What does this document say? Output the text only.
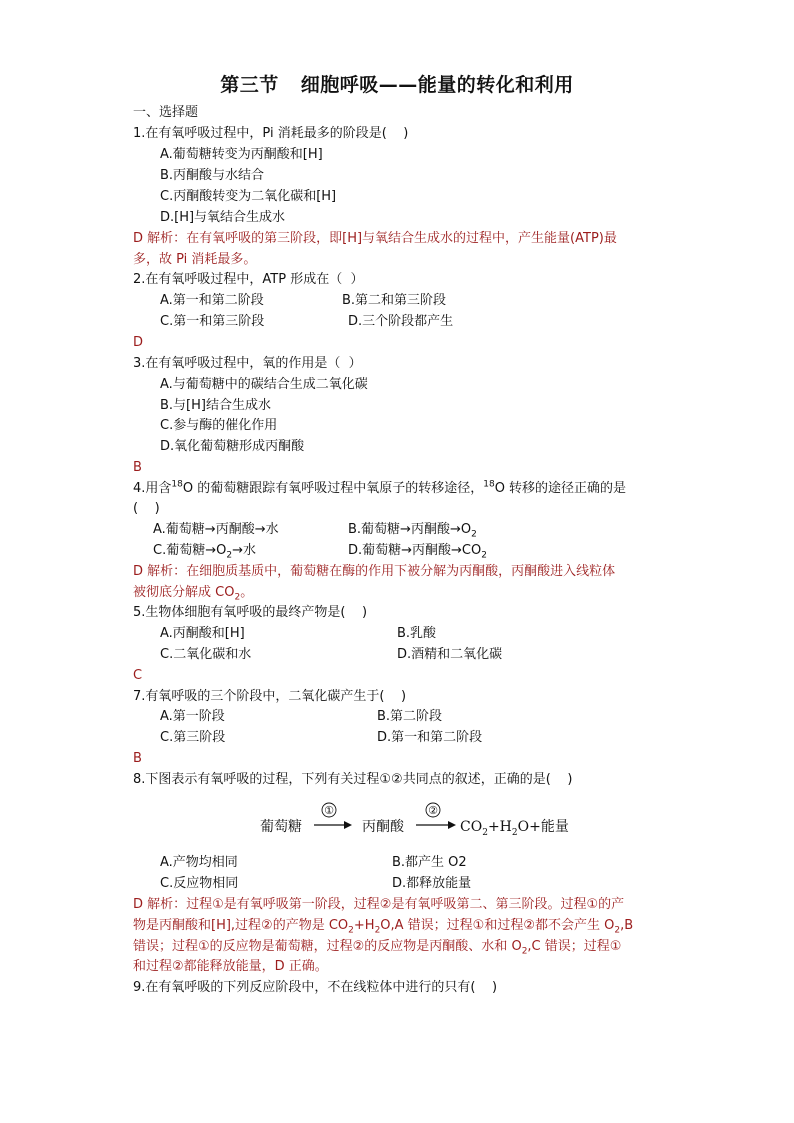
第三节 细胞呼吸——能量的转化和利用
一、选择题
1.在有氧呼吸过程中，Pi 消耗最多的阶段是(    )
A.葡萄糖转变为丙酮酸和[H]
B.丙酮酸与水结合
C.丙酮酸转变为二氧化碳和[H]
D.[H]与氧结合生成水
D 解析：在有氧呼吸的第三阶段，即[H]与氧结合生成水的过程中，产生能量(ATP)最
多，故 Pi 消耗最多。
2.在有氧呼吸过程中，ATP 形成在（  ）
A.第一和第二阶段	B.第二和第三阶段
C.第一和第三阶段	D.三个阶段都产生
D
3.在有氧呼吸过程中，氧的作用是（  ）
A.与葡萄糖中的碳结合生成二氧化碳
B.与[H]结合生成水
C.参与酶的催化作用
D.氧化葡萄糖形成丙酮酸
B
4.用含$^{18}$O 的葡萄糖跟踪有氧呼吸过程中氧原子的转移途径，$^{18}$O 转移的途径正确的是
(    )
A.葡萄糖→丙酮酸→水	B.葡萄糖→丙酮酸$\to O_2$
C.葡萄糖$\to O_2\to$水	D.葡萄糖→丙酮酸$\to CO_2$
D 解析：在细胞质基质中，葡萄糖在酶的作用下被分解为丙酮酸，丙酮酸进入线粒体
被彻底分解成 $CO_2$。
5.生物体细胞有氧呼吸的最终产物是(    )
A.丙酮酸和[H]	B.乳酸
C.二氧化碳和水	D.酒精和二氧化碳
C
7.有氧呼吸的三个阶段中，二氧化碳产生于(    )
A.第一阶段	B.第二阶段
C.第三阶段	D.第一和第二阶段
B
8.下图表示有氧呼吸的过程，下列有关过程①②共同点的叙述，正确的是(    )
葡萄糖
①
丙酮酸
②
$CO_2+H_2O+$能量
A.产物均相同	B.都产生 O2
C.反应物相同	D.都释放能量
D 解析：过程①是有氧呼吸第一阶段，过程②是有氧呼吸第二、第三阶段。过程①的产
物是丙酮酸和[H],过程②的产物是 $CO_2+H_2O,A$ 错误；过程①和过程②都不会产生 $O_2,B$
错误；过程①的反应物是葡萄糖，过程②的反应物是丙酮酸、水和 $O_2,C$ 错误；过程①
和过程②都能释放能量，D 正确。
9.在有氧呼吸的下列反应阶段中，不在线粒体中进行的只有(    )
